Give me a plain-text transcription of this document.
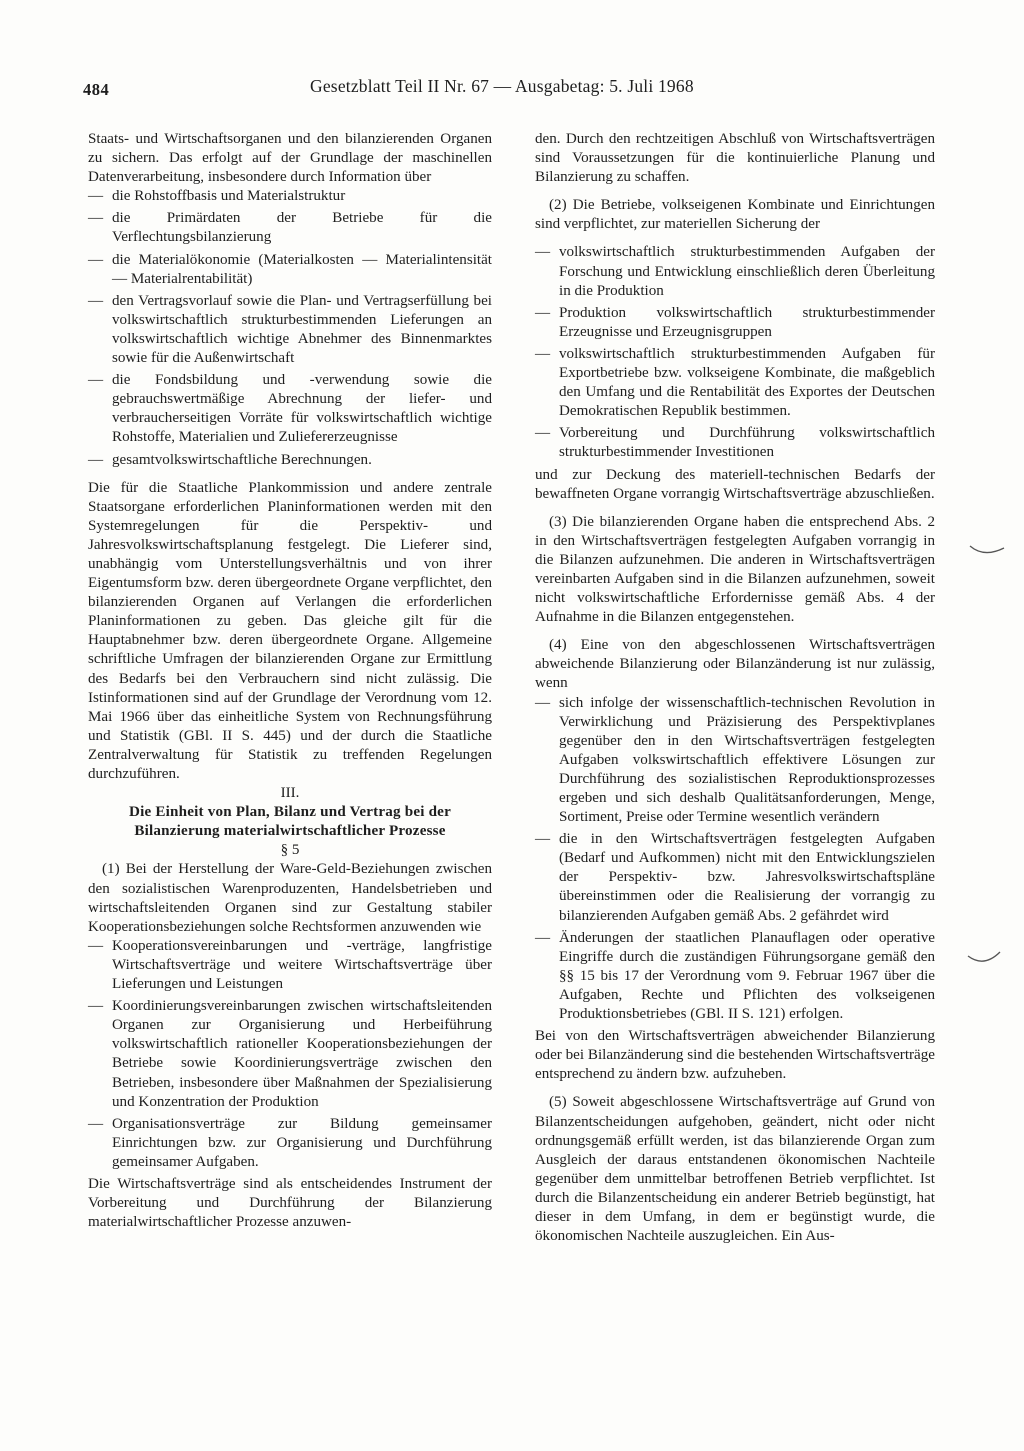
484	Gesetzblatt Teil II Nr. 67 — Ausgabetag: 5. Juli 1968

Staats- und Wirtschaftsorganen und den bilanzierenden Organen zu sichern. Das erfolgt auf der Grundlage der maschinellen Datenverarbeitung, insbesondere durch Information über

— die Rohstoffbasis und Materialstruktur
— die Primärdaten der Betriebe für die Verflechtungsbilanzierung
— die Materialökonomie (Materialkosten — Materialintensität — Materialrentabilität)
— den Vertragsvorlauf sowie die Plan- und Vertragserfüllung bei volkswirtschaftlich strukturbestimmenden Lieferungen an volkswirtschaftlich wichtige Abnehmer des Binnenmarktes sowie für die Außenwirtschaft
— die Fondsbildung und -verwendung sowie die gebrauchswertmäßige Abrechnung der liefer- und verbraucherseitigen Vorräte für volkswirtschaftlich wichtige Rohstoffe, Materialien und Zuliefererzeugnisse
— gesamtvolkswirtschaftliche Berechnungen.

Die für die Staatliche Plankommission und andere zentrale Staatsorgane erforderlichen Planinformationen werden mit den Systemregelungen für die Perspektiv- und Jahresvolkswirtschaftsplanung festgelegt. Die Lieferer sind, unabhängig vom Unterstellungsverhältnis und von ihrer Eigentumsform bzw. deren übergeordnete Organe verpflichtet, den bilanzierenden Organen auf Verlangen die erforderlichen Planinformationen zu geben. Das gleiche gilt für die Hauptabnehmer bzw. deren übergeordnete Organe. Allgemeine schriftliche Umfragen der bilanzierenden Organe zur Ermittlung des Bedarfs bei den Verbrauchern sind nicht zulässig. Die Istinformationen sind auf der Grundlage der Verordnung vom 12. Mai 1966 über das einheitliche System von Rechnungsführung und Statistik (GBl. II S. 445) und der durch die Staatliche Zentralverwaltung für Statistik zu treffenden Regelungen durchzuführen.

III.

Die Einheit von Plan, Bilanz und Vertrag bei der Bilanzierung materialwirtschaftlicher Prozesse

§ 5

(1) Bei der Herstellung der Ware-Geld-Beziehungen zwischen den sozialistischen Warenproduzenten, Handelsbetrieben und wirtschaftsleitenden Organen sind zur Gestaltung stabiler Kooperationsbeziehungen solche Rechtsformen anzuwenden wie

— Kooperationsvereinbarungen und -verträge, langfristige Wirtschaftsverträge und weitere Wirtschaftsverträge über Lieferungen und Leistungen
— Koordinierungsvereinbarungen zwischen wirtschaftsleitenden Organen zur Organisierung und Herbeiführung volkswirtschaftlich rationeller Kooperationsbeziehungen der Betriebe sowie Koordinierungsverträge zwischen den Betrieben, insbesondere über Maßnahmen der Spezialisierung und Konzentration der Produktion
— Organisationsverträge zur Bildung gemeinsamer Einrichtungen bzw. zur Organisierung und Durchführung gemeinsamer Aufgaben.

Die Wirtschaftsverträge sind als entscheidendes Instrument der Vorbereitung und Durchführung der Bilanzierung materialwirtschaftlicher Prozesse anzuwen-

den. Durch den rechtzeitigen Abschluß von Wirtschaftsverträgen sind Voraussetzungen für die kontinuierliche Planung und Bilanzierung zu schaffen.

(2) Die Betriebe, volkseigenen Kombinate und Einrichtungen sind verpflichtet, zur materiellen Sicherung der

— volkswirtschaftlich strukturbestimmenden Aufgaben der Forschung und Entwicklung einschließlich deren Überleitung in die Produktion
— Produktion volkswirtschaftlich strukturbestimmender Erzeugnisse und Erzeugnisgruppen
— volkswirtschaftlich strukturbestimmenden Aufgaben für Exportbetriebe bzw. volkseigene Kombinate, die maßgeblich den Umfang und die Rentabilität des Exportes der Deutschen Demokratischen Republik bestimmen.
— Vorbereitung und Durchführung volkswirtschaftlich strukturbestimmender Investitionen

und zur Deckung des materiell-technischen Bedarfs der bewaffneten Organe vorrangig Wirtschaftsverträge abzuschließen.

(3) Die bilanzierenden Organe haben die entsprechend Abs. 2 in den Wirtschaftsverträgen festgelegten Aufgaben vorrangig in die Bilanzen aufzunehmen. Die anderen in Wirtschaftsverträgen vereinbarten Aufgaben sind in die Bilanzen aufzunehmen, soweit nicht volkswirtschaftliche Erfordernisse gemäß Abs. 4 der Aufnahme in die Bilanzen entgegenstehen.

(4) Eine von den abgeschlossenen Wirtschaftsverträgen abweichende Bilanzierung oder Bilanzänderung ist nur zulässig, wenn

— sich infolge der wissenschaftlich-technischen Revolution in Verwirklichung und Präzisierung des Perspektivplanes gegenüber den in den Wirtschaftsverträgen festgelegten Aufgaben volkswirtschaftlich effektivere Lösungen zur Durchführung des sozialistischen Reproduktionsprozesses ergeben und sich deshalb Qualitätsanforderungen, Menge, Sortiment, Preise oder Termine wesentlich verändern
— die in den Wirtschaftsverträgen festgelegten Aufgaben (Bedarf und Aufkommen) nicht mit den Entwicklungszielen der Perspektiv- bzw. Jahresvolkswirtschaftspläne übereinstimmen oder die Realisierung der vorrangig zu bilanzierenden Aufgaben gemäß Abs. 2 gefährdet wird
— Änderungen der staatlichen Planauflagen oder operative Eingriffe durch die zuständigen Führungsorgane gemäß den §§ 15 bis 17 der Verordnung vom 9. Februar 1967 über die Aufgaben, Rechte und Pflichten des volkseigenen Produktionsbetriebes (GBl. II S. 121) erfolgen.

Bei von den Wirtschaftsverträgen abweichender Bilanzierung oder bei Bilanzänderung sind die bestehenden Wirtschaftsverträge entsprechend zu ändern bzw. aufzuheben.

(5) Soweit abgeschlossene Wirtschaftsverträge auf Grund von Bilanzentscheidungen aufgehoben, geändert, nicht oder nicht ordnungsgemäß erfüllt werden, ist das bilanzierende Organ zum Ausgleich der daraus entstandenen ökonomischen Nachteile gegenüber dem unmittelbar betroffenen Betrieb verpflichtet. Ist durch die Bilanzentscheidung ein anderer Betrieb begünstigt, hat dieser in dem Umfang, in dem er begünstigt wurde, die ökonomischen Nachteile auszugleichen. Ein Aus-
